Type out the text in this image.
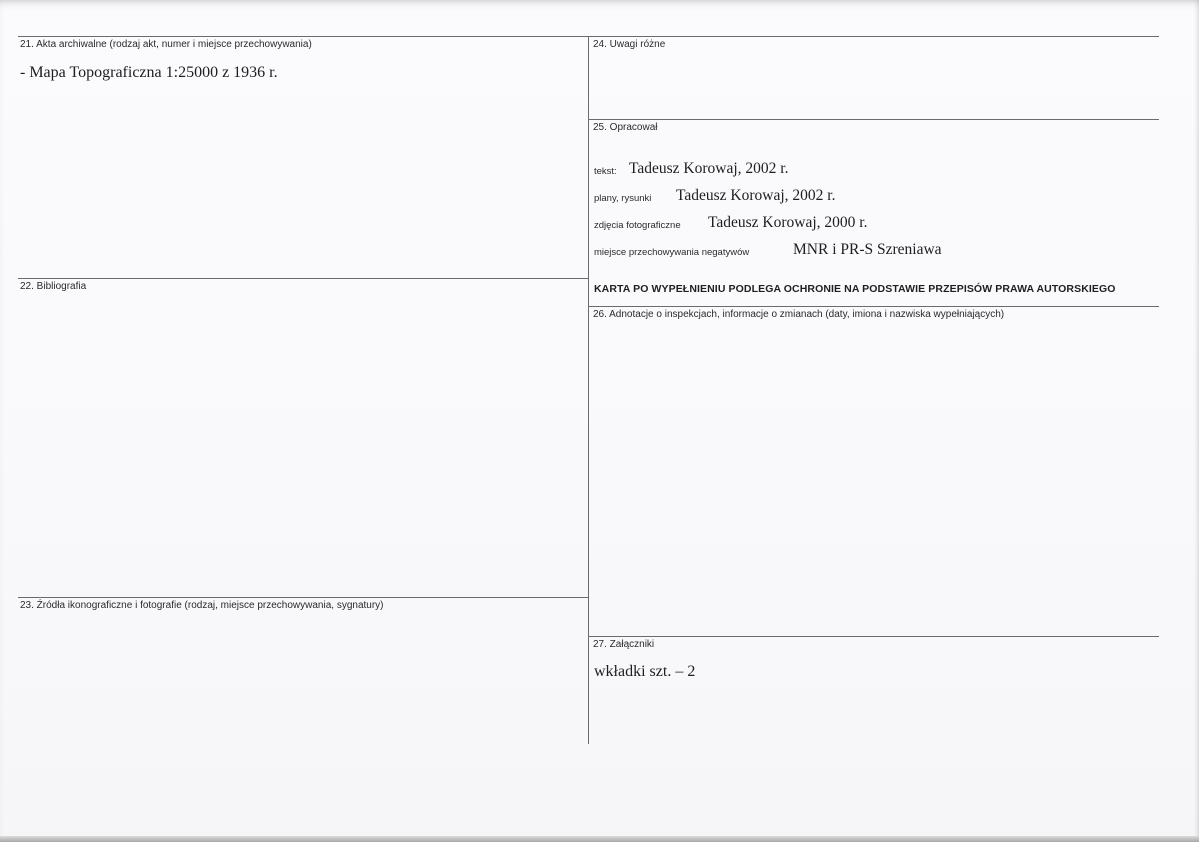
21. Akta archiwalne (rodzaj akt, numer i miejsce przechowywania)
- Mapa Topograficzna 1:25000 z 1936 r.
22. Bibliografia
23. Źródła ikonograficzne i fotografie (rodzaj, miejsce przechowywania, sygnatury)
24. Uwagi różne
25. Opracował
tekst: Tadeusz Korowaj, 2002 r.
plany, rysunki Tadeusz Korowaj, 2002 r.
zdjęcia fotograficzne Tadeusz Korowaj, 2000 r.
miejsce przechowywania negatywów	MNR i PR-S Szreniawa
KARTA PO WYPEŁNIENIU PODLEGA OCHRONIE NA PODSTAWIE PRZEPISÓW PRAWA AUTORSKIEGO
26. Adnotacje o inspekcjach, informacje o zmianach (daty, imiona i nazwiska wypełniających)
27. Załączniki
wkładki szt. – 2
